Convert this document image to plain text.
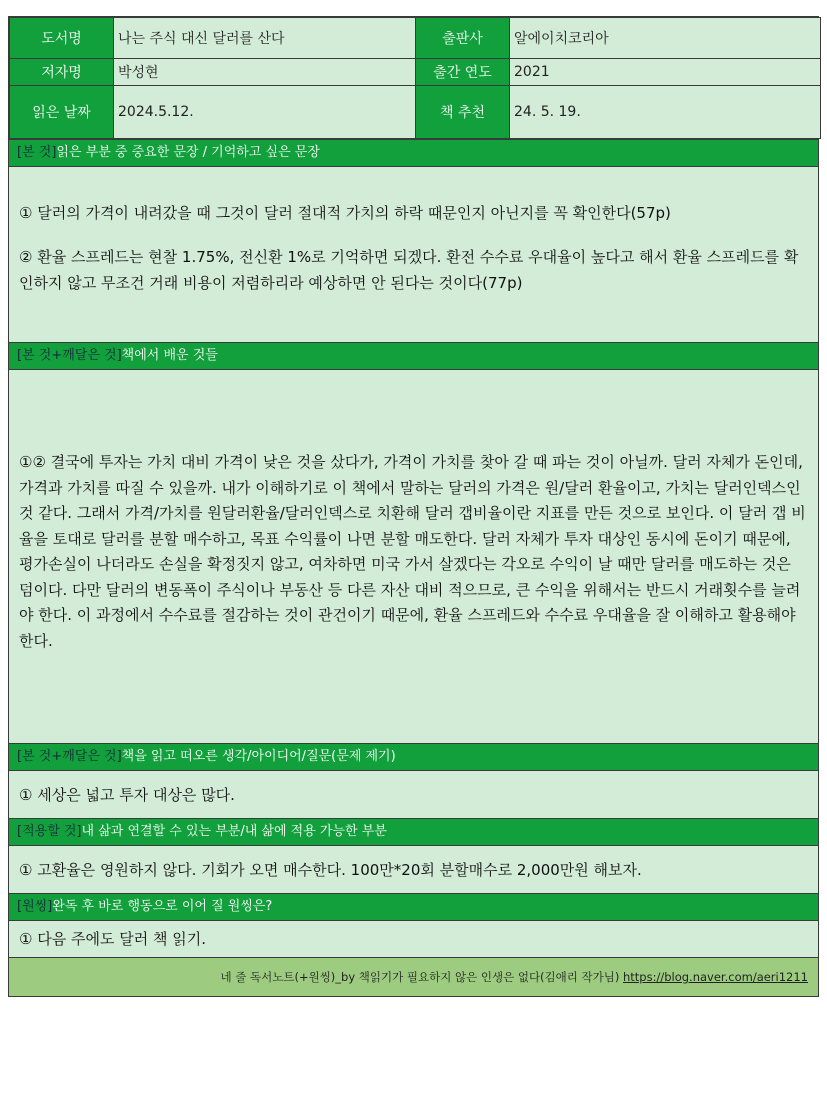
도서명	나는 주식 대신 달러를 산다	출판사	알에이치코리아
저자명	박성현	출간 연도	2021
읽은 날짜	2024.5.12.	책 추천	24. 5. 19.
[본 것]읽은 부분 중 중요한 문장 / 기억하고 싶은 문장

① 달러의 가격이 내려갔을 때 그것이 달러 절대적 가치의 하락 때문인지 아닌지를 꼭 확인한다(57p)

② 환율 스프레드는 현찰 1.75%, 전신환 1%로 기억하면 되겠다. 환전 수수료 우대율이 높다고 해서 환율 스프레드를 확인하지 않고 무조건 거래 비용이 저렴하리라 예상하면 안 된다는 것이다(77p)

[본 것+깨달은 것]책에서 배운 것들

①② 결국에 투자는 가치 대비 가격이 낮은 것을 샀다가, 가격이 가치를 찾아 갈 때 파는 것이 아닐까. 달러 자체가 돈인데, 가격과 가치를 따질 수 있을까. 내가 이해하기로 이 책에서 말하는 달러의 가격은 원/달러 환율이고, 가치는 달러인덱스인 것 같다. 그래서 가격/가치를 원달러환율/달러인덱스로 치환해 달러 갭비율이란 지표를 만든 것으로 보인다. 이 달러 갭 비율을 토대로 달러를 분할 매수하고, 목표 수익률이 나면 분할 매도한다. 달러 자체가 투자 대상인 동시에 돈이기 때문에, 평가손실이 나더라도 손실을 확정짓지 않고, 여차하면 미국 가서 살겠다는 각오로 수익이 날 때만 달러를 매도하는 것은 덤이다. 다만 달러의 변동폭이 주식이나 부동산 등 다른 자산 대비 적으므로, 큰 수익을 위해서는 반드시 거래횟수를 늘려야 한다. 이 과정에서 수수료를 절감하는 것이 관건이기 때문에, 환율 스프레드와 수수료 우대율을 잘 이해하고 활용해야 한다.

[본 것+깨달은 것]책을 읽고 떠오른 생각/아이디어/질문(문제 제기)
① 세상은 넓고 투자 대상은 많다.
[적용할 것]내 삶과 연결할 수 있는 부분/내 삶에 적용 가능한 부분
① 고환율은 영원하지 않다. 기회가 오면 매수한다. 100만*20회 분할매수로 2,000만원 해보자.
[원씽]완독 후 바로 행동으로 이어 질 원씽은?
① 다음 주에도 달러 책 읽기.
네 줄 독서노트(+원씽)_by 책읽기가 필요하지 않은 인생은 없다(김애리 작가님) https://blog.naver.com/aeri1211
